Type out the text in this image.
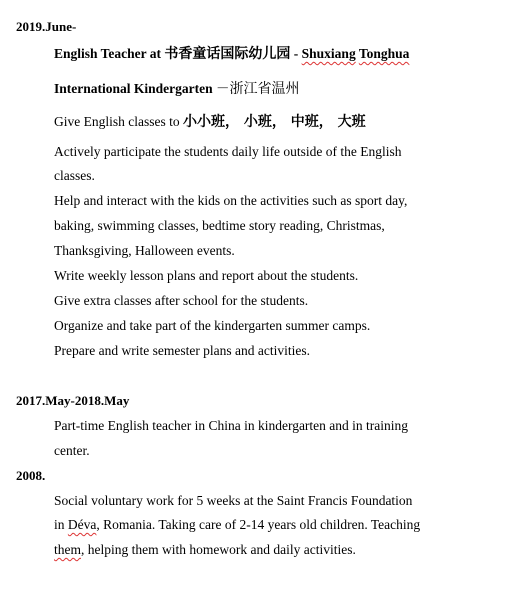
2019.June-
English Teacher at 书香童话国际幼儿园 - Shuxiang Tonghua
International Kindergarten －浙江省温州
Give English classes to 小小班， 小班， 中班， 大班
Actively participate the students daily life outside of the English
classes.
Help and interact with the kids on the activities such as sport day,
baking, swimming classes, bedtime story reading, Christmas,
Thanksgiving, Halloween events.
Write weekly lesson plans and report about the students.
Give extra classes after school for the students.
Organize and take part of the kindergarten summer camps.
Prepare and write semester plans and activities.
2017.May-2018.May
Part-time English teacher in China in kindergarten and in training
center.
2008.
Social voluntary work for 5 weeks at the Saint Francis Foundation
in Déva, Romania. Taking care of 2-14 years old children. Teaching
them, helping them with homework and daily activities.
